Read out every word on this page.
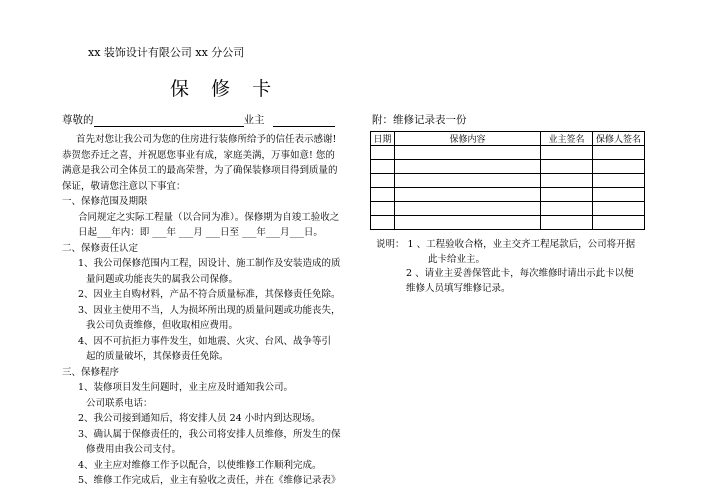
xx 装饰设计有限公司 xx 分公司
保 修 卡
尊敬的	业主
首先对您让我公司为您的住房进行装修所给予的信任表示感谢!
恭贺您乔迁之喜，并祝愿您事业有成，家庭美满，万事如意! 您的
满意是我公司全体员工的最高荣誉，为了确保装修项目得到质量的
保证，敬请您注意以下事宜：
一、保修范围及期限
合同规定之实际工程量（以合同为准）。保修期为自竣工验收之
日起___年内：即 ___年 ___月 ___日至 ___年___月___日。
二、保修责任认定
1、我公司保修范围内工程，因设计、施工制作及安装造成的质
量问题或功能丧失的属我公司保修。
2、因业主自购材料，产品不符合质量标准，其保修责任免除。
3、因业主使用不当，人为损坏所出现的质量问题或功能丧失，
我公司负责维修，但收取相应费用。
4、因不可抗拒力事件发生，如地震、火灾、台风、战争等引
起的质量破坏，其保修责任免除。
三、保修程序
1、装修项目发生问题时，业主应及时通知我公司。
公司联系电话：
2、我公司接到通知后，将安排人员 24 小时内到达现场。
3、确认属于保修责任的，我公司将安排人员维修，所发生的保
修费用由我公司支付。
4、业主应对维修工作予以配合，以使维修工作顺利完成。
5、维修工作完成后，业主有验收之责任，并在《维修记录表》
附：维修记录表一份
日期	保修内容	业主签名	保修人签名

说明： 1 、工程验收合格，业主交齐工程尾款后，公司将开据
此卡给业主。
2 、请业主妥善保管此卡，每次维修时请出示此卡以便
维修人员填写维修记录。
